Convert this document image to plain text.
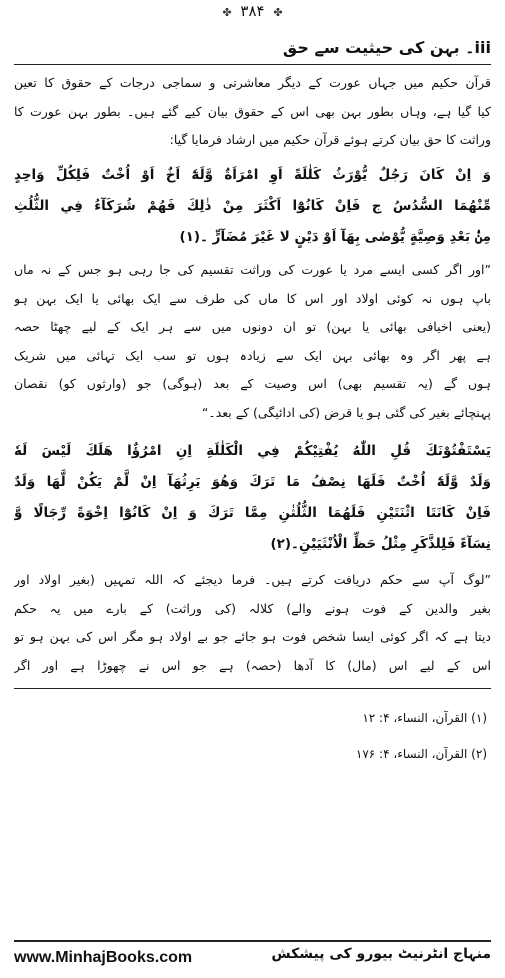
✤ ۳۸۴ ✤
iii۔ بہن کی حیثیت سے حق
قرآن حکیم میں جہاں عورت کے دیگر معاشرتی و سماجی درجات کے حقوق کا تعین
کیا گیا ہے، وہاں بطور بہن بھی اس کے حقوق بیان کیے گئے ہیں۔ بطور بہن عورت کا
وراثت کا حق بیان کرتے ہوئے قرآن حکیم میں ارشاد فرمایا گیا:
وَ اِنْ كَانَ رَجُلٌ يُّوْرَثُ كَلٰلَةً اَوِ امْرَاَةٌ وَّلَهٗٓ اَخٌ اَوْ اُخْتٌ فَلِكُلِّ وَاحِدٍ
مِّنْهُمَا السُّدُسُ ج فَاِنْ كَانُوْٓا اَكْثَرَ مِنْ ذٰلِكَ فَهُمْ شُرَكَآءُ فِي الثُّلُثِ
مِنْۢ بَعْدِ وَصِيَّةٍ يُّوْصٰى بِهَآ اَوْ دَيْنٍ لا غَيْرَ مُضَآرٍّ ۔(۱)
”اور اگر کسی ایسے مرد یا عورت کی وراثت تقسیم کی جا رہی ہو جس کے نہ ماں
باپ ہوں نہ کوئی اولاد اور اس کا ماں کی طرف سے ایک بھائی یا ایک بہن ہو
(یعنی اخیافی بھائی یا بہن) تو ان دونوں میں سے ہر ایک کے لیے چھٹا حصہ
ہے پھر اگر وہ بھائی بہن ایک سے زیادہ ہوں تو سب ایک تہائی میں شریک
ہوں گے (یہ تقسیم بھی) اس وصیت کے بعد (ہوگی) جو (وارثوں کو) نقصان
پہنچائے بغیر کی گئی ہو یا قرض (کی ادائیگی) کے بعد۔“
يَسْتَفْتُوْنَكَ قُلِ اللّٰهُ يُفْتِيْكُمْ فِي الْكَلٰلَةِ اِنِ امْرُؤٌا هَلَكَ لَيْسَ لَهٗ
وَلَدٌ وَّلَهٗٓ اُخْتٌ فَلَهَا نِصْفُ مَا تَرَكَ وَهُوَ يَرِثُهَآ اِنْ لَّمْ يَكُنْ لَّهَا وَلَدٌ
فَاِنْ كَانَتَا اثْنَتَيْنِ فَلَهُمَا الثُّلُثٰنِ مِمَّا تَرَكَ وَ اِنْ كَانُوْٓا اِخْوَةً رِّجَالًا وَّ
نِسَآءً فَلِلذَّكَرِ مِثْلُ حَظِّ الْاُنْثَيَيْنِ۔(۲)
”لوگ آپ سے حکم دریافت کرتے ہیں۔ فرما دیجئے کہ اللہ تمہیں (بغیر اولاد اور
بغیر والدین کے فوت ہونے والے) کلالہ (کی وراثت) کے بارے میں یہ حکم
دیتا ہے کہ اگر کوئی ایسا شخص فوت ہو جائے جو بے اولاد ہو مگر اس کی بہن ہو تو
اس کے لیے اس (مال) کا آدھا (حصہ) ہے جو اس نے چھوڑا ہے اور اگر
(۱) القرآن، النساء، ۴: ۱۲
(۲) القرآن، النساء، ۴: ۱۷۶
www.MinhajBooks.com	منہاج انٹرنیٹ بیورو کی پیشکش
